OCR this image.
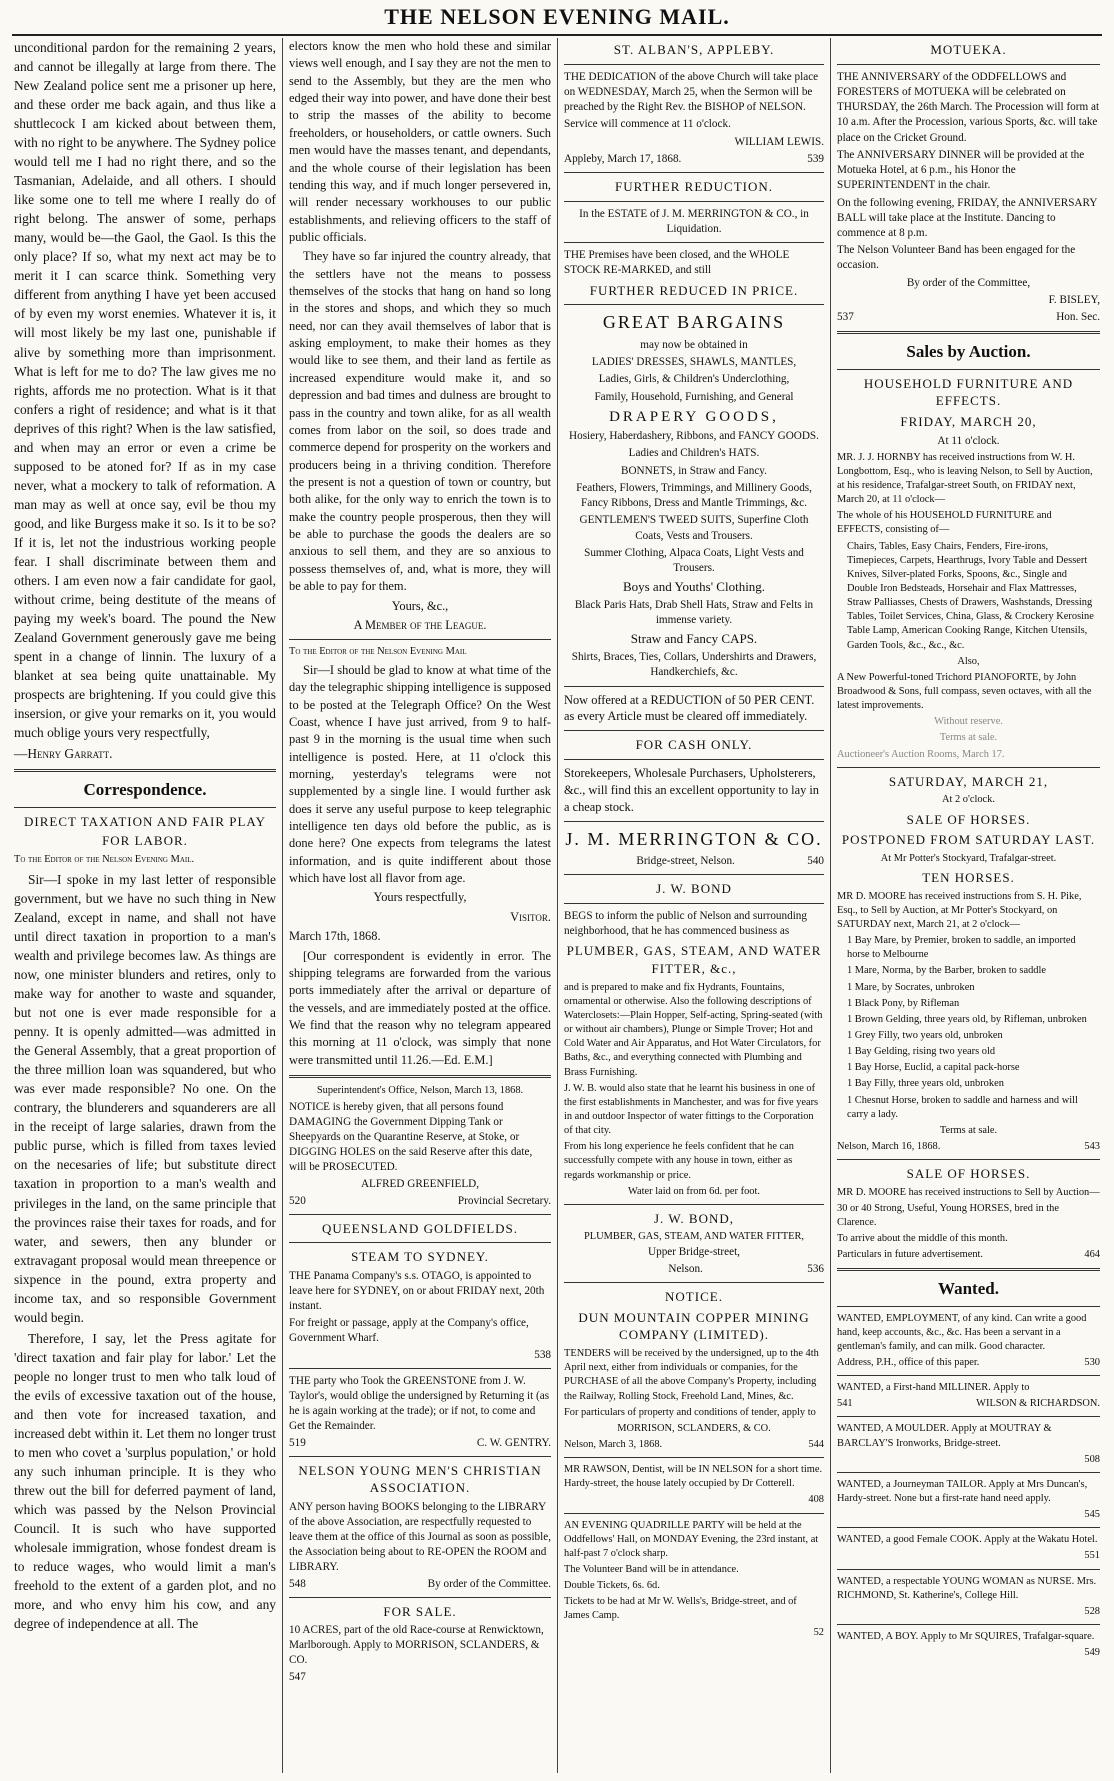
THE NELSON EVENING MAIL.

unconditional pardon for the remaining 2 years, and cannot be illegally at large from there. The New Zealand police sent me a prisoner up here, and these order me back again, and thus like a shuttlecock I am kicked about between them, with no right to be anywhere. The Sydney police would tell me I had no right there, and so the Tasmanian, Adelaide, and all others. I should like some one to tell me where I really do of right belong. The answer of some, perhaps many, would be—the Gaol, the Gaol. Is this the only place? If so, what my next act may be to merit it I can scarce think. Something very different from anything I have yet been accused of by even my worst enemies. Whatever it is, it will most likely be my last one, punishable if alive by something more than imprisonment. What is left for me to do? The law gives me no rights, affords me no protection. What is it that confers a right of residence; and what is it that deprives of this right? When is the law satisfied, and when may an error or even a crime be supposed to be atoned for? If as in my case never, what a mockery to talk of reformation. A man may as well at once say, evil be thou my good, and like Burgess make it so. Is it to be so? If it is, let not the industrious working people fear. I shall discriminate between them and others. I am even now a fair candidate for gaol, without crime, being destitute of the means of paying my week's board. The pound the New Zealand Government generously gave me being spent in a change of linnin. The luxury of a blanket at sea being quite unattainable. My prospects are brightening. If you could give this insersion, or give your remarks on it, you would much oblige yours very respectfully,

—Henry Garratt.

Correspondence.
DIRECT TAXATION AND FAIR PLAY FOR LABOR.

To the Editor of the Nelson Evening Mail.

Sir—I spoke in my last letter of responsible government, but we have no such thing in New Zealand, except in name, and shall not have until direct taxation in proportion to a man's wealth and privilege becomes law. As things are now, one minister blunders and retires, only to make way for another to waste and squander, but not one is ever made responsible for a penny. It is openly admitted—was admitted in the General Assembly, that a great proportion of the three million loan was squandered, but who was ever made responsible? No one. On the contrary, the blunderers and squanderers are all in the receipt of large salaries, drawn from the public purse, which is filled from taxes levied on the necesaries of life; but substitute direct taxation in proportion to a man's wealth and privileges in the land, on the same principle that the provinces raise their taxes for roads, and for water, and sewers, then any blunder or extravagant proposal would mean threepence or sixpence in the pound, extra property and income tax, and so responsible Government would begin.

Therefore, I say, let the Press agitate for 'direct taxation and fair play for labor.' Let the people no longer trust to men who talk loud of the evils of excessive taxation out of the house, and then vote for increased taxation, and increased debt within it. Let them no longer trust to men who covet a 'surplus population,' or hold any such inhuman principle. It is they who threw out the bill for deferred payment of land, which was passed by the Nelson Provincial Council. It is such who have supported wholesale immigration, whose fondest dream is to reduce wages, who would limit a man's freehold to the extent of a garden plot, and no more, and who envy him his cow, and any degree of independence at all. The

electors know the men who hold these and similar views well enough, and I say they are not the men to send to the Assembly, but they are the men who edged their way into power, and have done their best to strip the masses of the ability to become freeholders, or householders, or cattle owners. Such men would have the masses tenant, and dependants, and the whole course of their legislation has been tending this way, and if much longer persevered in, will render necessary workhouses to our public establishments, and relieving officers to the staff of public officials.

They have so far injured the country already, that the settlers have not the means to possess themselves of the stocks that hang on hand so long in the stores and shops, and which they so much need, nor can they avail themselves of labor that is asking employment, to make their homes as they would like to see them, and their land as fertile as increased expenditure would make it, and so depression and bad times and dulness are brought to pass in the country and town alike, for as all wealth comes from labor on the soil, so does trade and commerce depend for prosperity on the workers and producers being in a thriving condition. Therefore the present is not a question of town or country, but both alike, for the only way to enrich the town is to make the country people prosperous, then they will be able to purchase the goods the dealers are so anxious to sell them, and they are so anxious to possess themselves of, and, what is more, they will be able to pay for them.

Yours, &c.,

A Member of the League.

To the Editor of the Nelson Evening Mail

Sir—I should be glad to know at what time of the day the telegraphic shipping intelligence is supposed to be posted at the Telegraph Office? On the West Coast, whence I have just arrived, from 9 to half-past 9 in the morning is the usual time when such intelligence is posted. Here, at 11 o'clock this morning, yesterday's telegrams were not supplemented by a single line. I would further ask does it serve any useful purpose to keep telegraphic intelligence ten days old before the public, as is done here? One expects from telegrams the latest information, and is quite indifferent about those which have lost all flavor from age.

Yours respectfully,

Visitor.

March 17th, 1868.

[Our correspondent is evidently in error. The shipping telegrams are forwarded from the various ports immediately after the arrival or departure of the vessels, and are immediately posted at the office. We find that the reason why no telegram appeared this morning at 11 o'clock, was simply that none were transmitted until 11.26.—Ed. E.M.]

Superintendent's Office, Nelson, March 13, 1868.

NOTICE is hereby given, that all persons found DAMAGING the Government Dipping Tank or Sheepyards on the Quarantine Reserve, at Stoke, or DIGGING HOLES on the said Reserve after this date, will be PROSECUTED.

ALFRED GREENFIELD,

520	Provincial Secretary.
QUEENSLAND GOLDFIELDS.
STEAM TO SYDNEY.

THE Panama Company's s.s. OTAGO, is appointed to leave here for SYDNEY, on or about FRIDAY next, 20th instant.

For freight or passage, apply at the Company's office, Government Wharf.

538

THE party who Took the GREENSTONE from J. W. Taylor's, would oblige the undersigned by Returning it (as he is again working at the trade); or if not, to come and Get the Remainder.

519	C. W. GENTRY.
NELSON YOUNG MEN'S CHRISTIAN ASSOCIATION.

ANY person having BOOKS belonging to the LIBRARY of the above Association, are respectfully requested to leave them at the office of this Journal as soon as possible, the Association being about to RE-OPEN the ROOM and LIBRARY.

548	By order of the Committee.
FOR SALE.

10 ACRES, part of the old Race-course at Renwicktown, Marlborough. Apply to MORRISON, SCLANDERS, & CO.

547

ST. ALBAN'S, APPLEBY.

THE DEDICATION of the above Church will take place on WEDNESDAY, March 25, when the Sermon will be preached by the Right Rev. the BISHOP of NELSON.

Service will commence at 11 o'clock.

WILLIAM LEWIS.

Appleby, March 17, 1868.	539
FURTHER REDUCTION.

In the ESTATE of J. M. MERRINGTON & CO., in Liquidation.

THE Premises have been closed, and the WHOLE STOCK RE-MARKED, and still

FURTHER REDUCED IN PRICE.
GREAT BARGAINS

may now be obtained in

LADIES' DRESSES, SHAWLS, MANTLES,

Ladies, Girls, & Children's Underclothing,

Family, Household, Furnishing, and General

DRAPERY GOODS,

Hosiery, Haberdashery, Ribbons, and FANCY GOODS.

Ladies and Children's HATS.

BONNETS, in Straw and Fancy.

Feathers, Flowers, Trimmings, and Millinery Goods, Fancy Ribbons, Dress and Mantle Trimmings, &c.

GENTLEMEN'S TWEED SUITS, Superfine Cloth Coats, Vests and Trousers.

Summer Clothing, Alpaca Coats, Light Vests and Trousers.

Boys and Youths' Clothing.

Black Paris Hats, Drab Shell Hats, Straw and Felts in immense variety.

Straw and Fancy CAPS.

Shirts, Braces, Ties, Collars, Undershirts and Drawers, Handkerchiefs, &c.

Now offered at a REDUCTION of 50 PER CENT. as every Article must be cleared off immediately.

FOR CASH ONLY.

Storekeepers, Wholesale Purchasers, Upholsterers, &c., will find this an excellent opportunity to lay in a cheap stock.

J. M. MERRINGTON & CO.
Bridge-street, Nelson.	540
J. W. BOND

BEGS to inform the public of Nelson and surrounding neighborhood, that he has commenced business as

PLUMBER, GAS, STEAM, AND WATER FITTER, &c.,

and is prepared to make and fix Hydrants, Fountains, ornamental or otherwise. Also the following descriptions of Waterclosets:—Plain Hopper, Self-acting, Spring-seated (with or without air chambers), Plunge or Simple Trover; Hot and Cold Water and Air Apparatus, and Hot Water Circulators, for Baths, &c., and everything connected with Plumbing and Brass Furnishing.

J. W. B. would also state that he learnt his business in one of the first establishments in Manchester, and was for five years in and outdoor Inspector of water fittings to the Corporation of that city.

From his long experience he feels confident that he can successfully compete with any house in town, either as regards workmanship or price.

Water laid on from 6d. per foot.

J. W. BOND,
PLUMBER, GAS, STEAM, AND WATER FITTER,

Upper Bridge-street,

Nelson.	536
NOTICE.
DUN MOUNTAIN COPPER MINING COMPANY (LIMITED).

TENDERS will be received by the undersigned, up to the 4th April next, either from individuals or companies, for the PURCHASE of all the above Company's Property, including the Railway, Rolling Stock, Freehold Land, Mines, &c.

For particulars of property and conditions of tender, apply to

MORRISON, SCLANDERS, & CO.

Nelson, March 3, 1868.	544

MR RAWSON, Dentist, will be IN NELSON for a short time. Hardy-street, the house lately occupied by Dr Cotterell.

408

AN EVENING QUADRILLE PARTY will be held at the Oddfellows' Hall, on MONDAY Evening, the 23rd instant, at half-past 7 o'clock sharp.

The Volunteer Band will be in attendance.

Double Tickets, 6s. 6d.

Tickets to be had at Mr W. Wells's, Bridge-street, and of James Camp.

52

MOTUEKA.

THE ANNIVERSARY of the ODDFELLOWS and FORESTERS of MOTUEKA will be celebrated on THURSDAY, the 26th March. The Procession will form at 10 a.m. After the Procession, various Sports, &c. will take place on the Cricket Ground.

The ANNIVERSARY DINNER will be provided at the Motueka Hotel, at 6 p.m., his Honor the SUPERINTENDENT in the chair.

On the following evening, FRIDAY, the ANNIVERSARY BALL will take place at the Institute. Dancing to commence at 8 p.m.

The Nelson Volunteer Band has been engaged for the occasion.

By order of the Committee,

F. BISLEY,

537	Hon. Sec.
Sales by Auction.
HOUSEHOLD FURNITURE AND EFFECTS.
FRIDAY, MARCH 20,

At 11 o'clock.

MR. J. J. HORNBY has received instructions from W. H. Longbottom, Esq., who is leaving Nelson, to Sell by Auction, at his residence, Trafalgar-street South, on FRIDAY next, March 20, at 11 o'clock—

The whole of his HOUSEHOLD FURNITURE and EFFECTS, consisting of—

Chairs, Tables, Easy Chairs, Fenders, Fire-irons, Timepieces, Carpets, Hearthrugs, Ivory Table and Dessert Knives, Silver-plated Forks, Spoons, &c., Single and Double Iron Bedsteads, Horsehair and Flax Mattresses, Straw Palliasses, Chests of Drawers, Washstands, Dressing Tables, Toilet Services, China, Glass, & Crockery Kerosine Table Lamp, American Cooking Range, Kitchen Utensils, Garden Tools, &c., &c., &c.

Also,

A New Powerful-toned Trichord PIANOFORTE, by John Broadwood & Sons, full compass, seven octaves, with all the latest improvements.

Without reserve.

Terms at sale.

Auctioneer's Auction Rooms, March 17.

SATURDAY, MARCH 21,

At 2 o'clock.

SALE OF HORSES.
POSTPONED FROM SATURDAY LAST.

At Mr Potter's Stockyard, Trafalgar-street.

TEN HORSES.

MR D. MOORE has received instructions from S. H. Pike, Esq., to Sell by Auction, at Mr Potter's Stockyard, on SATURDAY next, March 21, at 2 o'clock—

1 Bay Mare, by Premier, broken to saddle, an imported horse to Melbourne

1 Mare, Norma, by the Barber, broken to saddle

1 Mare, by Socrates, unbroken

1 Black Pony, by Rifleman

1 Brown Gelding, three years old, by Rifleman, unbroken

1 Grey Filly, two years old, unbroken

1 Bay Gelding, rising two years old

1 Bay Horse, Euclid, a capital pack-horse

1 Bay Filly, three years old, unbroken

1 Chesnut Horse, broken to saddle and harness and will carry a lady.

Terms at sale.

Nelson, March 16, 1868.	543
SALE OF HORSES.

MR D. MOORE has received instructions to Sell by Auction—

30 or 40 Strong, Useful, Young HORSES, bred in the Clarence.

To arrive about the middle of this month.

Particulars in future advertisement.	464
Wanted.

WANTED, EMPLOYMENT, of any kind. Can write a good hand, keep accounts, &c., &c. Has been a servant in a gentleman's family, and can milk. Good character.

Address, P.H., office of this paper.	530

WANTED, a First-hand MILLINER. Apply to

541	WILSON & RICHARDSON.

WANTED, A MOULDER. Apply at MOUTRAY & BARCLAY'S Ironworks, Bridge-street.

508

WANTED, a Journeyman TAILOR. Apply at Mrs Duncan's, Hardy-street. None but a first-rate hand need apply.

545

WANTED, a good Female COOK. Apply at the Wakatu Hotel.

551

WANTED, a respectable YOUNG WOMAN as NURSE. Mrs. RICHMOND, St. Katherine's, College Hill.

528

WANTED, A BOY. Apply to Mr SQUIRES, Trafalgar-square.

549
